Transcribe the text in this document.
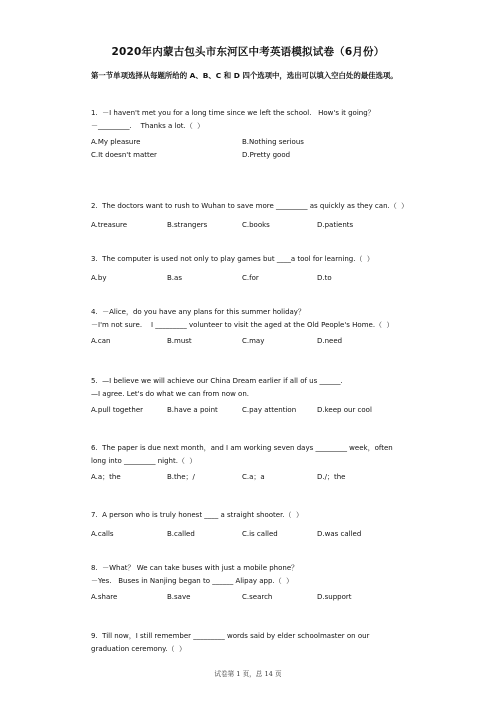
2020年内蒙古包头市东河区中考英语模拟试卷（6月份）
第一节单项选择从每题所给的 A、B、C 和 D 四个选项中，选出可以填入空白处的最佳选项。

1.  －I haven't met you for a long time since we left the school.   How's it going？

－_________.    Thanks a lot.（  ）

A.My pleasure	B.Nothing serious
C.It doesn't matter	D.Pretty good

2.  The doctors want to rush to Wuhan to save more _________ as quickly as they can.（  ）

A.treasure	B.strangers	C.books	D.patients

3.  The computer is used not only to play games but ____a tool for learning.（  ）

A.by	B.as	C.for	D.to

4.  －Alice，do you have any plans for this summer holiday？

－I'm not sure.    I _________ volunteer to visit the aged at the Old People's Home.（  ）

A.can	B.must	C.may	D.need

5.  —I believe we will achieve our China Dream earlier if all of us ______.

—I agree. Let's do what we can from now on.

A.pull together	B.have a point	C.pay attention	D.keep our cool

6.  The paper is due next month，and I am working seven days _________ week，often

long into _________ night.（  ）

A.a；the	B.the；/	C.a；a	D./；the

7.  A person who is truly honest ____ a straight shooter.（  ）

A.calls	B.called	C.is called	D.was called

8.  －What？ We can take buses with just a mobile phone？

－Yes.   Buses in Nanjing began to ______ Alipay app.（  ）

A.share	B.save	C.search	D.support

9.  Till now，I still remember _________ words said by elder schoolmaster on our

graduation ceremony.（  ）

试卷第 1 页，总 14 页
